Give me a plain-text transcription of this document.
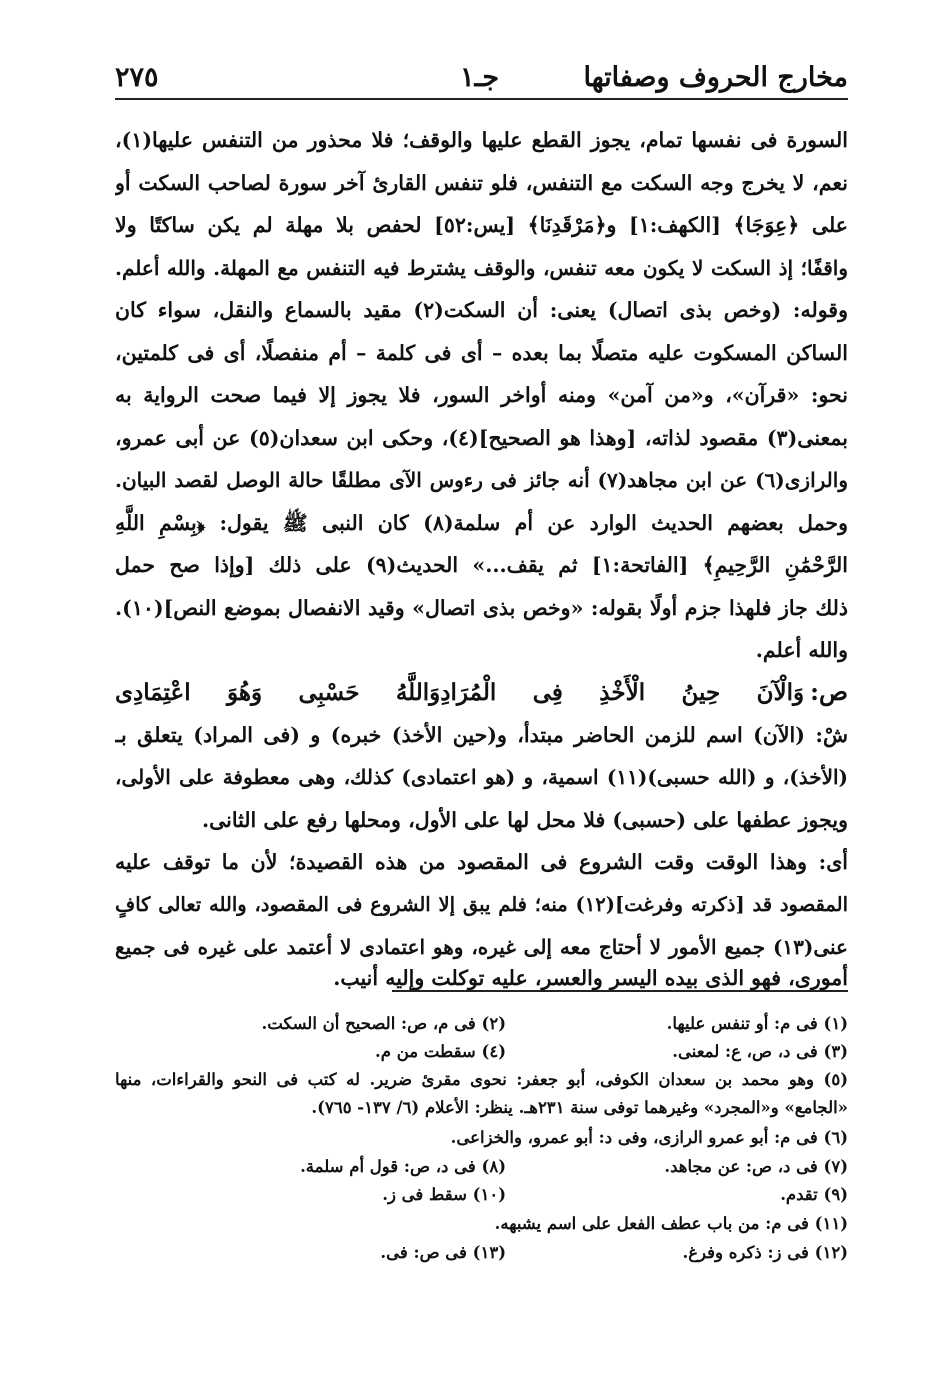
مخارج الحروف وصفاتها
جـ١
٢٧٥
السورة فى نفسها تمام، يجوز القطع عليها والوقف؛ فلا محذور من التنفس عليها(١)،
نعم، لا يخرج وجه السكت مع التنفس، فلو تنفس القارئ آخر سورة لصاحب السكت أو
على ﴿عِوَجَا﴾ [الكهف:١] و﴿مَرْقَدِنَا﴾ [يس:٥٢] لحفص بلا مهلة لم يكن ساكتًا ولا
واقفًا؛ إذ السكت لا يكون معه تنفس، والوقف يشترط فيه التنفس مع المهلة. والله أعلم.
وقوله: (وخص بذى اتصال) يعنى: أن السكت(٢) مقيد بالسماع والنقل، سواء كان
الساكن المسكوت عليه متصلًا بما بعده – أى فى كلمة – أم منفصلًا، أى فى كلمتين،
نحو: «قرآن»، و«من آمن» ومنه أواخر السور، فلا يجوز إلا فيما صحت الرواية به
بمعنى(٣) مقصود لذاته، [وهذا هو الصحيح](٤)، وحكى ابن سعدان(٥) عن أبى عمرو،
والرازى(٦) عن ابن مجاهد(٧) أنه جائز فى رءوس الآى مطلقًا حالة الوصل لقصد البيان.
وحمل بعضهم الحديث الوارد عن أم سلمة(٨) كان النبى ﷺ يقول: ﴿بِسْمِ اللَّهِ
الرَّحْمَٰنِ الرَّحِيمِ﴾ [الفاتحة:١] ثم يقف...» الحديث(٩) على ذلك [وإذا صح حمل
ذلك جاز فلهذا جزم أولًا بقوله: «وخص بذى اتصال» وقيد الانفصال بموضع النص](١٠).
والله أعلم.
ص:وَالْآنَ حِينُ الْأَخْذِ فِى الْمُرَادِوَاللَّهُ حَسْبِى وَهُوَ اعْتِمَادِى
شْ: (الآن) اسم للزمن الحاضر مبتدأ، و(حين الأخذ) خبره) و (فى المراد) يتعلق بـ
(الأخذ)، و (الله حسبى)(١١) اسمية، و (هو اعتمادى) كذلك، وهى معطوفة على الأولى،
ويجوز عطفها على (حسبى) فلا محل لها على الأول، ومحلها رفع على الثانى.
أى: وهذا الوقت وقت الشروع فى المقصود من هذه القصيدة؛ لأن ما توقف عليه
المقصود قد [ذكرته وفرغت](١٢) منه؛ فلم يبق إلا الشروع فى المقصود، والله تعالى كافٍ
عنى(١٣) جميع الأمور لا أحتاج معه إلى غيره، وهو اعتمادى لا أعتمد على غيره فى جميع
أمورى، فهو الذى بيده اليسر والعسر، عليه توكلت وإليه أنيب.
(١) فى م: أو تنفس عليها.
(٢) فى م، ص: الصحيح أن السكت.
(٣) فى د، ص، ع: لمعنى.
(٤) سقطت من م.
(٥) وهو محمد بن سعدان الكوفى، أبو جعفر: نحوى مقرئ ضرير. له كتب فى النحو والقراءات، منها
«الجامع» و«المجرد» وغيرهما توفى سنة ٢٣١هـ. ينظر: الأعلام (٦/ ١٣٧- ٧٦٥).
(٦) فى م: أبو عمرو الرازى، وفى د: أبو عمرو، والخزاعى.
(٧) فى د، ص: عن مجاهد.
(٨) فى د، ص: قول أم سلمة.
(٩) تقدم.
(١٠) سقط فى ز.
(١١) فى م: من باب عطف الفعل على اسم يشبهه.
(١٢) فى ز: ذكره وفرغ.
(١٣) فى ص: فى.
